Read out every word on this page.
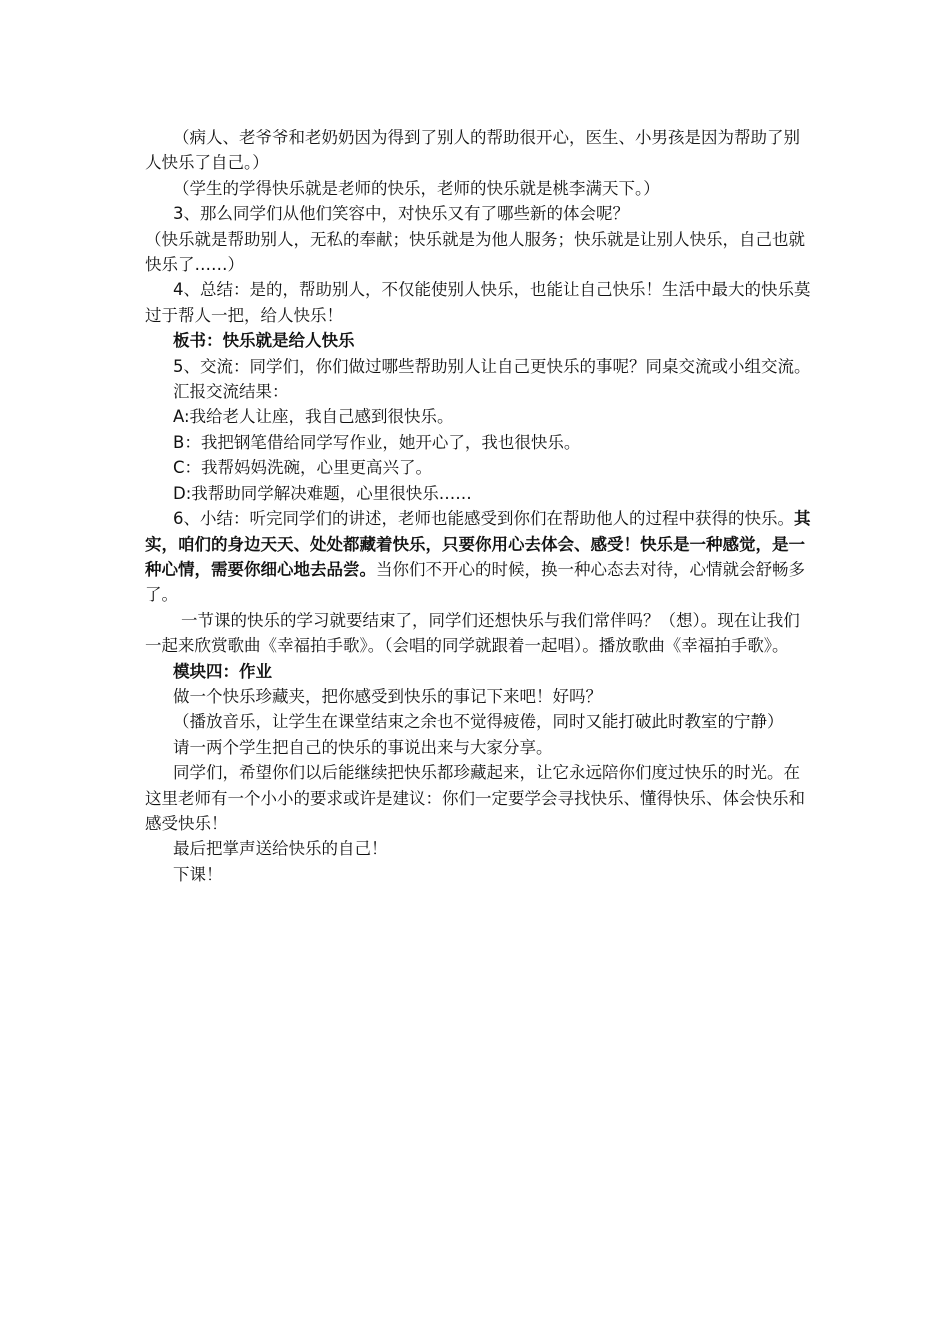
（病人、老爷爷和老奶奶因为得到了别人的帮助很开心，医生、小男孩是因为帮助了别人快乐了自己。）

（学生的学得快乐就是老师的快乐，老师的快乐就是桃李满天下。）

3、那么同学们从他们笑容中，对快乐又有了哪些新的体会呢？

（快乐就是帮助别人，无私的奉献；快乐就是为他人服务；快乐就是让别人快乐，自己也就快乐了……）

4、总结：是的，帮助别人，不仅能使别人快乐，也能让自己快乐！生活中最大的快乐莫过于帮人一把，给人快乐！

板书：快乐就是给人快乐

5、交流：同学们，你们做过哪些帮助别人让自己更快乐的事呢？同桌交流或小组交流。

汇报交流结果：

A:我给老人让座，我自己感到很快乐。

B：我把钢笔借给同学写作业，她开心了，我也很快乐。

C：我帮妈妈洗碗，心里更高兴了。

D:我帮助同学解决难题，心里很快乐……

6、小结：听完同学们的讲述，老师也能感受到你们在帮助他人的过程中获得的快乐。其实，咱们的身边天天、处处都藏着快乐，只要你用心去体会、感受！快乐是一种感觉，是一种心情，需要你细心地去品尝。当你们不开心的时候，换一种心态去对待，心情就会舒畅多了。

一节课的快乐的学习就要结束了，同学们还想快乐与我们常伴吗？（想）。现在让我们一起来欣赏歌曲《幸福拍手歌》。（会唱的同学就跟着一起唱）。播放歌曲《幸福拍手歌》。

模块四：作业

做一个快乐珍藏夹，把你感受到快乐的事记下来吧！好吗？

（播放音乐，让学生在课堂结束之余也不觉得疲倦，同时又能打破此时教室的宁静）

请一两个学生把自己的快乐的事说出来与大家分享。

同学们，希望你们以后能继续把快乐都珍藏起来，让它永远陪你们度过快乐的时光。在这里老师有一个小小的要求或许是建议：你们一定要学会寻找快乐、懂得快乐、体会快乐和感受快乐！

最后把掌声送给快乐的自己！

下课！
